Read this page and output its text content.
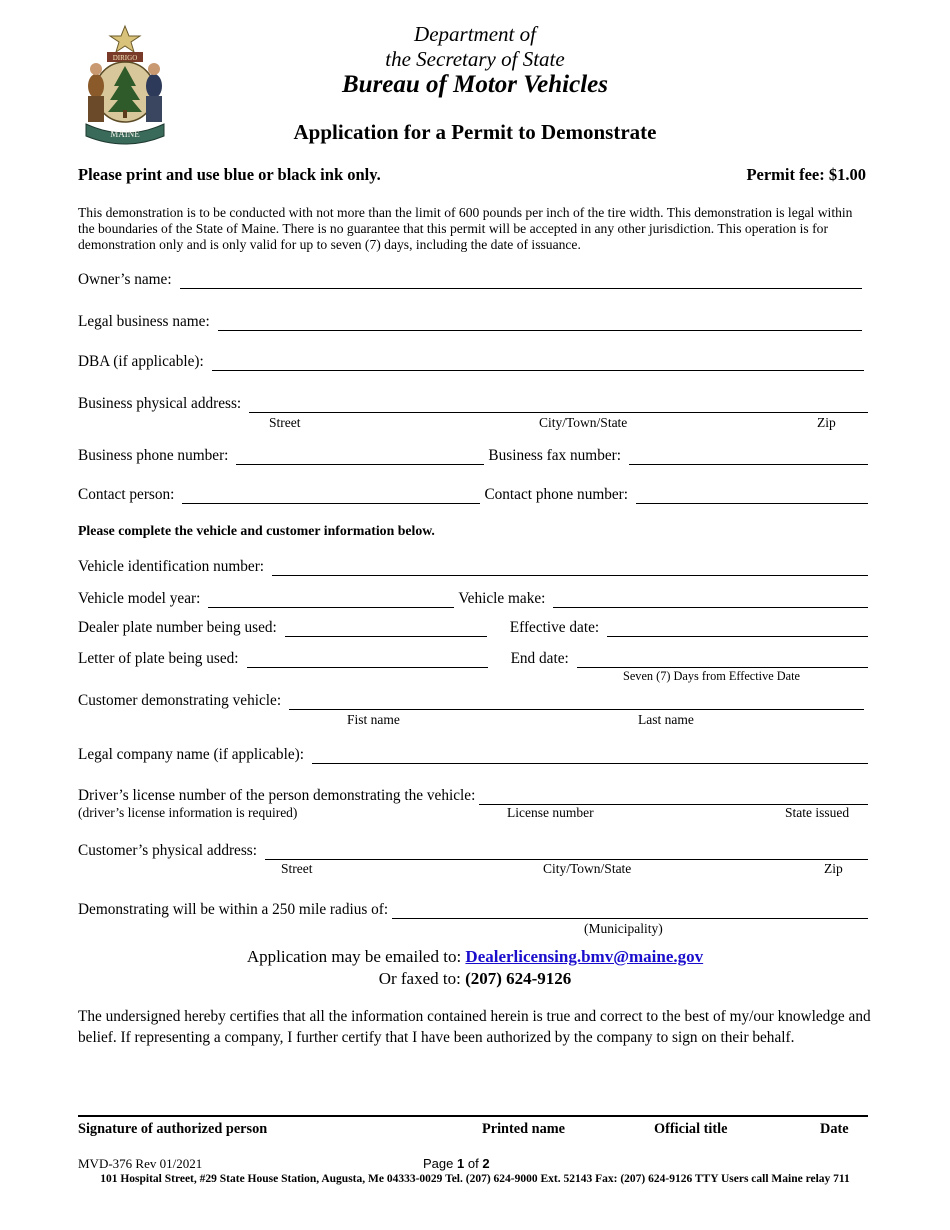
DIRIGO
MAINE
Department of
the Secretary of State
Bureau of Motor Vehicles
Application for a Permit to Demonstrate
Please print and use blue or black ink only.	Permit fee: $1.00
This demonstration is to be conducted with not more than the limit of 600 pounds per inch of the tire width. This demonstration is legal within the boundaries of the State of Maine. There is no guarantee that this permit will be accepted in any other jurisdiction. This operation is for demonstration only and is only valid for up to seven (7) days, including the date of issuance.
Owner’s name:
Legal business name:
DBA (if applicable):
Business physical address:
Street	City/Town/State	Zip
Business phone number:	Business fax number:
Contact person:	Contact phone number:
Please complete the vehicle and customer information below.
Vehicle identification number:
Vehicle model year:	Vehicle make:
Dealer plate number being used:	Effective date:
Letter of plate being used:	End date:
Seven (7) Days from Effective Date
Customer demonstrating vehicle:
Fist name	Last name
Legal company name (if applicable):
Driver’s license number of the person demonstrating the vehicle:
(driver’s license information is required)	License number	State issued
Customer’s physical address:
Street	City/Town/State	Zip
Demonstrating will be within a 250 mile radius of:
(Municipality)
Application may be emailed to: Dealerlicensing.bmv@maine.gov
Or faxed to: (207) 624-9126
The undersigned hereby certifies that all the information contained herein is true and correct to the best of my/our knowledge and belief. If representing a company, I further certify that I have been authorized by the company to sign on their behalf.
Signature of authorized person	Printed name	Official title	Date
MVD-376 Rev 01/2021	Page 1 of 2
101 Hospital Street, #29 State House Station, Augusta, Me 04333-0029 Tel. (207) 624-9000 Ext. 52143 Fax: (207) 624-9126 TTY Users call Maine relay 711
